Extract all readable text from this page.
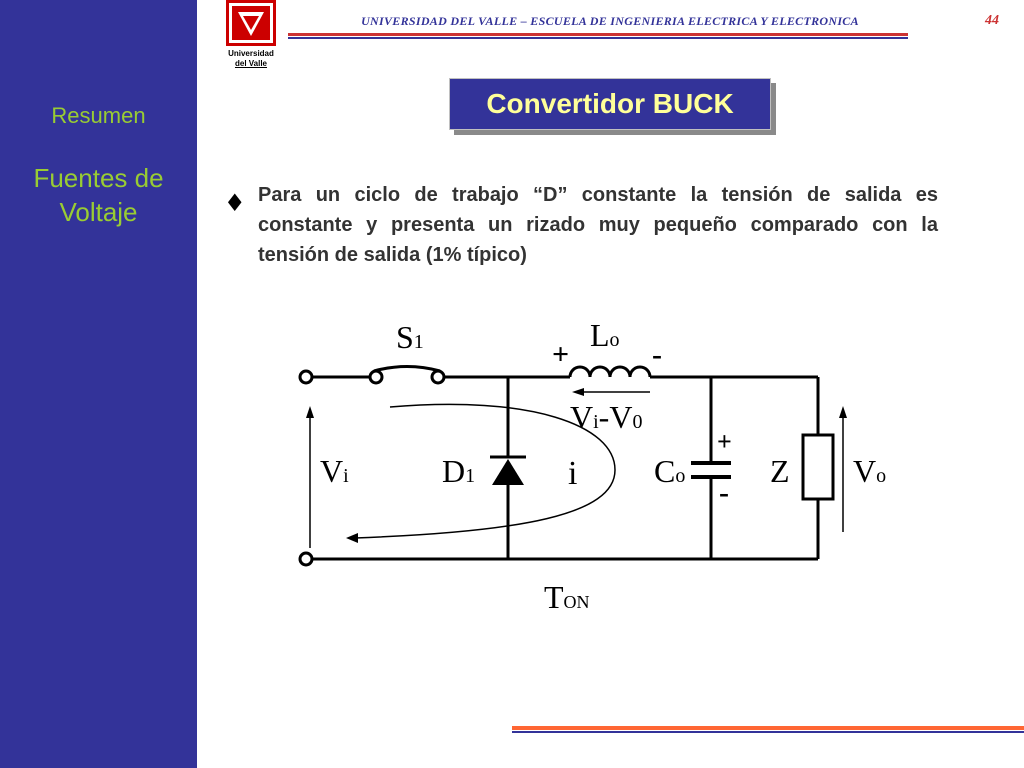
Resumen
Fuentes de Voltaje
Universidad
del Valle
UNIVERSIDAD DEL VALLE – ESCUELA DE INGENIERIA ELECTRICA Y ELECTRONICA	44
Convertidor BUCK
♦ Para un ciclo de trabajo “D” constante la tensión de salida es constante y presenta un rizado muy pequeño comparado con la tensión de salida (1% típico)

S1	Lo
+	-
Vi-V0
Vi	D1	i
+
-
Co	Z Vo
TON
